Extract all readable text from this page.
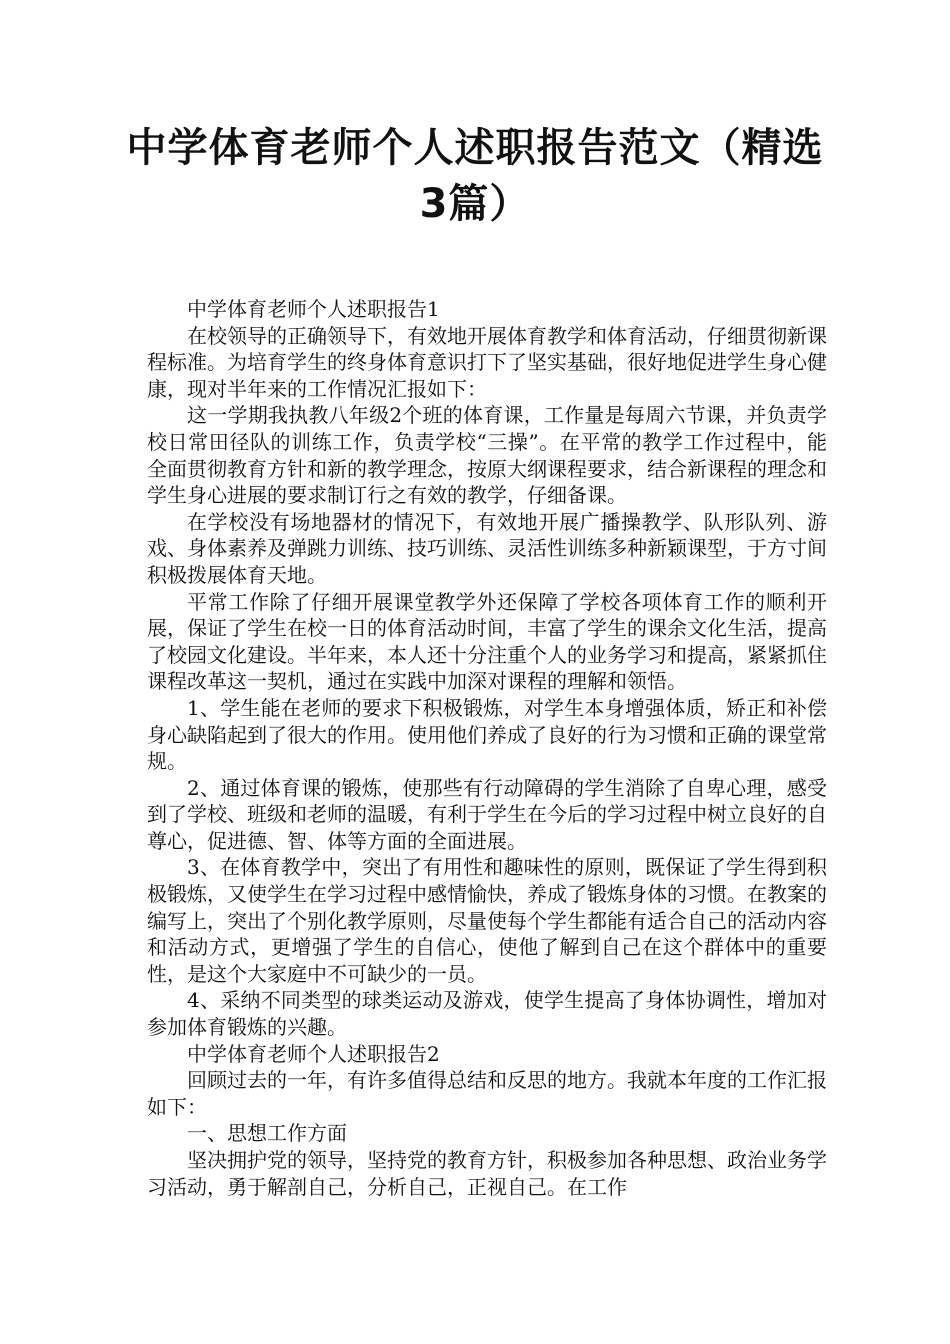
中学体育老师个人述职报告范文（精选3篇）

中学体育老师个人述职报告1

在校领导的正确领导下，有效地开展体育教学和体育活动，仔细贯彻新课程标准。为培育学生的终身体育意识打下了坚实基础，很好地促进学生身心健康，现对半年来的工作情况汇报如下：

这一学期我执教八年级2个班的体育课，工作量是每周六节课，并负责学校日常田径队的训练工作，负责学校“三操”。在平常的教学工作过程中，能全面贯彻教育方针和新的教学理念，按原大纲课程要求，结合新课程的理念和学生身心进展的要求制订行之有效的教学，仔细备课。

在学校没有场地器材的情况下，有效地开展广播操教学、队形队列、游戏、身体素养及弹跳力训练、技巧训练、灵活性训练多种新颖课型，于方寸间积极拨展体育天地。

平常工作除了仔细开展课堂教学外还保障了学校各项体育工作的顺利开展，保证了学生在校一日的体育活动时间，丰富了学生的课余文化生活，提高了校园文化建设。半年来，本人还十分注重个人的业务学习和提高，紧紧抓住课程改革这一契机，通过在实践中加深对课程的理解和领悟。

1、学生能在老师的要求下积极锻炼，对学生本身增强体质，矫正和补偿身心缺陷起到了很大的作用。使用他们养成了良好的行为习惯和正确的课堂常规。

2、通过体育课的锻炼，使那些有行动障碍的学生消除了自卑心理，感受到了学校、班级和老师的温暖，有利于学生在今后的学习过程中树立良好的自尊心，促进德、智、体等方面的全面进展。

3、在体育教学中，突出了有用性和趣味性的原则，既保证了学生得到积极锻炼，又使学生在学习过程中感情愉快，养成了锻炼身体的习惯。在教案的编写上，突出了个别化教学原则，尽量使每个学生都能有适合自己的活动内容和活动方式，更增强了学生的自信心，使他了解到自己在这个群体中的重要性，是这个大家庭中不可缺少的一员。

4、采纳不同类型的球类运动及游戏，使学生提高了身体协调性，增加对参加体育锻炼的兴趣。

中学体育老师个人述职报告2

回顾过去的一年，有许多值得总结和反思的地方。我就本年度的工作汇报如下：

一、思想工作方面

坚决拥护党的领导，坚持党的教育方针，积极参加各种思想、政治业务学习活动，勇于解剖自己，分析自己，正视自己。在工作
